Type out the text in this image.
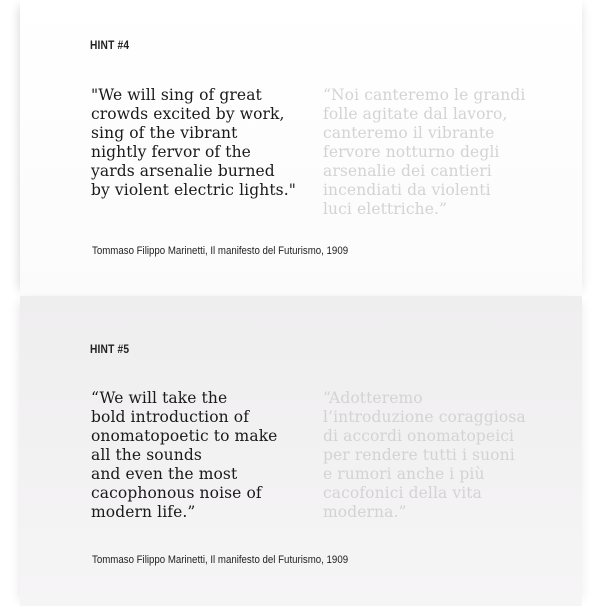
HINT #4
"We will sing of great
crowds excited by work,
sing of the vibrant
nightly fervor of the
yards arsenalie burned
by violent electric lights."
“Noi canteremo le grandi
folle agitate dal lavoro,
canteremo il vibrante
fervore notturno degli
arsenalie dei cantieri
incendiati da violenti
luci elettriche.”
Tommaso Filippo Marinetti, Il manifesto del Futurismo, 1909
HINT #5
“We will take the
bold introduction of
onomatopoetic to make
all the sounds
and even the most
cacophonous noise of
modern life.”
“Adotteremo
l’introduzione coraggiosa
di accordi onomatopeici
per rendere tutti i suoni
e rumori anche i più
cacofonici della vita
moderna.”
Tommaso Filippo Marinetti, Il manifesto del Futurismo, 1909
